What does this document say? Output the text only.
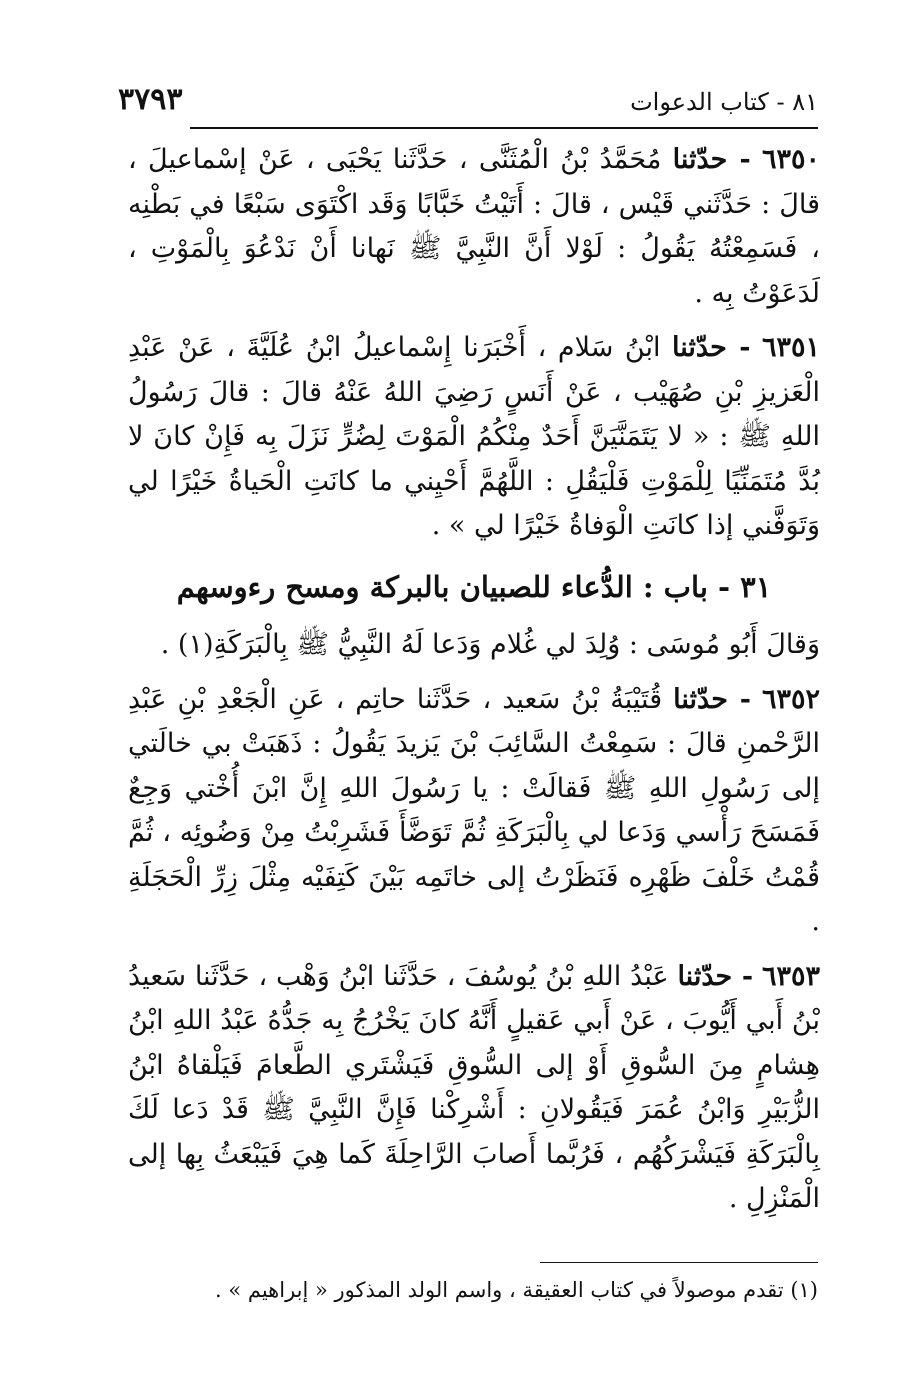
٨١ - كتاب الدعوات
٣٧٩٣

٦٣٥٠ - حدّثنا مُحَمَّدُ بْنُ الْمُثَنَّى ، حَدَّثَنا يَحْيَى ، عَنْ إسْماعيلَ ، قالَ : حَدَّثَني قَيْس ، قالَ : أَتَيْتُ خَبَّابًا وَقَد اكْتَوَى سَبْعًا في بَطْنِه ، فَسَمِعْتُهُ يَقُولُ : لَوْلا أَنَّ النَّبِيَّ ﷺ نَهانا أَنْ نَدْعُوَ بِالْمَوْتِ ، لَدَعَوْتُ بِه .

٦٣٥١ - حدّثنا ابْنُ سَلام ، أَخْبَرَنا إِسْماعيلُ ابْنُ عُلَيَّةَ ، عَنْ عَبْدِ الْعَزيزِ بْنِ صُهَيْب ، عَنْ أَنَسٍ رَضِيَ اللهُ عَنْهُ قالَ : قالَ رَسُولُ اللهِ ﷺ : « لا يَتَمَنَّيَنَّ أَحَدٌ مِنْكُمُ الْمَوْتَ لِضُرٍّ نَزَلَ بِه فَإِنْ كانَ لا بُدَّ مُتَمَنِّيًا لِلْمَوْتِ فَلْيَقُلِ : اللَّهُمَّ أَحْيِني ما كانَتِ الْحَياةُ خَيْرًا لي وَتَوَفَّني إذا كانَتِ الْوَفاةُ خَيْرًا لي » .

٣١ - باب : الدُّعاء للصبيان بالبركة ومسح رءوسهم

وَقالَ أَبُو مُوسَى : وُلِدَ لي غُلام وَدَعا لَهُ النَّبِيُّ ﷺ بِالْبَرَكَةِ(١) .

٦٣٥٢ - حدّثنا قُتَيْبَةُ بْنُ سَعيد ، حَدَّثَنا حاتِم ، عَنِ الْجَعْدِ بْنِ عَبْدِ الرَّحْمنِ قالَ : سَمِعْتُ السَّائِبَ بْنَ يَزيدَ يَقُولُ : ذَهَبَتْ بي خالَتي إلى رَسُولِ اللهِ ﷺ فَقالَتْ : يا رَسُولَ اللهِ إِنَّ ابْنَ أُخْتي وَجِعٌ فَمَسَحَ رَأْسي وَدَعا لي بِالْبَرَكَةِ ثُمَّ تَوَضَّأَ فَشَرِبْتُ مِنْ وَضُوئِه ، ثُمَّ قُمْتُ خَلْفَ ظَهْرِه فَنَظَرْتُ إلى خاتَمِه بَيْنَ كَتِفَيْه مِثْلَ زِرِّ الْحَجَلَةِ .

٦٣٥٣ - حدّثنا عَبْدُ اللهِ بْنُ يُوسُفَ ، حَدَّثَنا ابْنُ وَهْب ، حَدَّثَنا سَعيدُ بْنُ أَبي أَيُّوبَ ، عَنْ أَبي عَقيلٍ أَنَّهُ كانَ يَخْرُجُ بِه جَدُّهُ عَبْدُ اللهِ ابْنُ هِشامٍ مِنَ السُّوقِ أَوْ إلى السُّوقِ فَيَشْتَري الطَّعامَ فَيَلْقاهُ ابْنُ الزُّبَيْرِ وَابْنُ عُمَرَ فَيَقُولانِ : أَشْرِكْنا فَإِنَّ النَّبِيَّ ﷺ قَدْ دَعا لَكَ بِالْبَرَكَةِ فَيَشْرَكُهُم ، فَرُبَّما أَصابَ الرَّاحِلَةَ كَما هِيَ فَيَبْعَثُ بِها إلى الْمَنْزِلِ .

(١) تقدم موصولاً في كتاب العقيقة ، واسم الولد المذكور « إبراهيم » .
